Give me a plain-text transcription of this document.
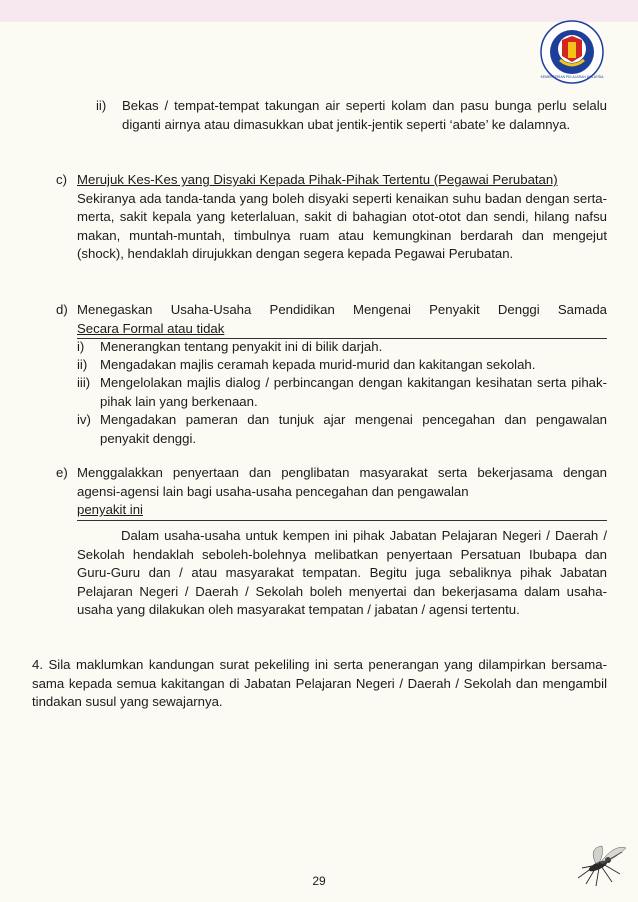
KEMENTERIAN PELAJARAN MALAYSIA
ii) Bekas / tempat-tempat takungan air seperti kolam dan pasu bunga perlu selalu diganti airnya atau dimasukkan ubat jentik-jentik seperti ‘abate’ ke dalamnya.
c) Merujuk Kes-Kes yang Disyaki Kepada Pihak-Pihak Tertentu (Pegawai Perubatan)
Sekiranya ada tanda-tanda yang boleh disyaki seperti kenaikan suhu badan dengan serta-merta, sakit kepala yang keterlaluan, sakit di bahagian otot-otot dan sendi, hilang nafsu makan, muntah-muntah, timbulnya ruam atau kemungkinan berdarah dan mengejut (shock), hendaklah dirujukkan dengan segera kepada Pegawai Perubatan.
d) Menegaskan Usaha-Usaha Pendidikan Mengenai Penyakit Denggi Samada
Secara Formal atau tidak
i) Menerangkan tentang penyakit ini di bilik darjah.
ii) Mengadakan majlis ceramah kepada murid-murid dan kakitangan sekolah.
iii) Mengelolakan majlis dialog / perbincangan dengan kakitangan kesihatan serta pihak-pihak lain yang berkenaan.
iv) Mengadakan pameran dan tunjuk ajar mengenai pencegahan dan pengawalan penyakit denggi.
e) Menggalakkan penyertaan dan penglibatan masyarakat serta bekerjasama dengan agensi-agensi lain bagi usaha-usaha pencegahan dan pengawalan
penyakit ini
Dalam usaha-usaha untuk kempen ini pihak Jabatan Pelajaran Negeri / Daerah / Sekolah hendaklah seboleh-bolehnya melibatkan penyertaan Persatuan Ibubapa dan Guru-Guru dan / atau masyarakat tempatan. Begitu juga sebaliknya pihak Jabatan Pelajaran Negeri / Daerah / Sekolah boleh menyertai dan bekerjasama dalam usaha-usaha yang dilakukan oleh masyarakat tempatan / jabatan / agensi tertentu.
4. Sila maklumkan kandungan surat pekeliling ini serta penerangan yang dilampirkan bersama-sama kepada semua kakitangan di Jabatan Pelajaran Negeri / Daerah / Sekolah dan mengambil tindakan susul yang sewajarnya.
29
